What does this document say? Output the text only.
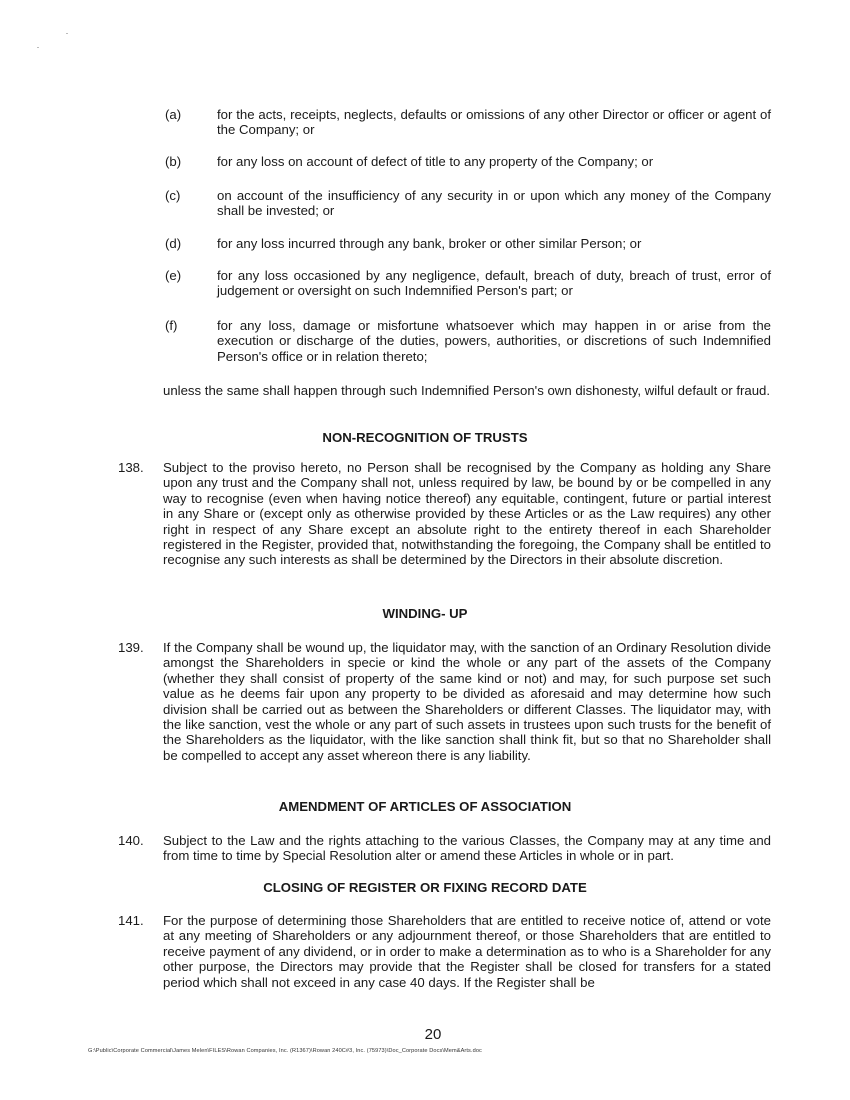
(a)	for the acts, receipts, neglects, defaults or omissions of any other Director or officer or agent of the Company; or
(b)	for any loss on account of defect of title to any property of the Company; or
(c)	on account of the insufficiency of any security in or upon which any money of the Company shall be invested; or
(d)	for any loss incurred through any bank, broker or other similar Person; or
(e)	for any loss occasioned by any negligence, default, breach of duty, breach of trust, error of judgement or oversight on such Indemnified Person's part; or
(f)	for any loss, damage or misfortune whatsoever which may happen in or arise from the execution or discharge of the duties, powers, authorities, or discretions of such Indemnified Person's office or in relation thereto;
unless the same shall happen through such Indemnified Person's own dishonesty, wilful default or fraud.
NON-RECOGNITION OF TRUSTS
138.	Subject to the proviso hereto, no Person shall be recognised by the Company as holding any Share upon any trust and the Company shall not, unless required by law, be bound by or be compelled in any way to recognise (even when having notice thereof) any equitable, contingent, future or partial interest in any Share or (except only as otherwise provided by these Articles or as the Law requires) any other right in respect of any Share except an absolute right to the entirety thereof in each Shareholder registered in the Register, provided that, notwithstanding the foregoing, the Company shall be entitled to recognise any such interests as shall be determined by the Directors in their absolute discretion.
WINDING- UP
139.	If the Company shall be wound up, the liquidator may, with the sanction of an Ordinary Resolution divide amongst the Shareholders in specie or kind the whole or any part of the assets of the Company (whether they shall consist of property of the same kind or not) and may, for such purpose set such value as he deems fair upon any property to be divided as aforesaid and may determine how such division shall be carried out as between the Shareholders or different Classes. The liquidator may, with the like sanction, vest the whole or any part of such assets in trustees upon such trusts for the benefit of the Shareholders as the liquidator, with the like sanction shall think fit, but so that no Shareholder shall be compelled to accept any asset whereon there is any liability.
AMENDMENT OF ARTICLES OF ASSOCIATION
140.	Subject to the Law and the rights attaching to the various Classes, the Company may at any time and from time to time by Special Resolution alter or amend these Articles in whole or in part.
CLOSING OF REGISTER OR FIXING RECORD DATE
141.	For the purpose of determining those Shareholders that are entitled to receive notice of, attend or vote at any meeting of Shareholders or any adjournment thereof, or those Shareholders that are entitled to receive payment of any dividend, or in order to make a determination as to who is a Shareholder for any other purpose, the Directors may provide that the Register shall be closed for transfers for a stated period which shall not exceed in any case 40 days. If the Register shall be
20
G:\Public\Corporate Commercial\James Melen\FILES\Rowan Companies, Inc. (R1367)\Rowan 240C#3, Inc. (75973)\Doc_Corporate Docs\Mem&Arts.doc
